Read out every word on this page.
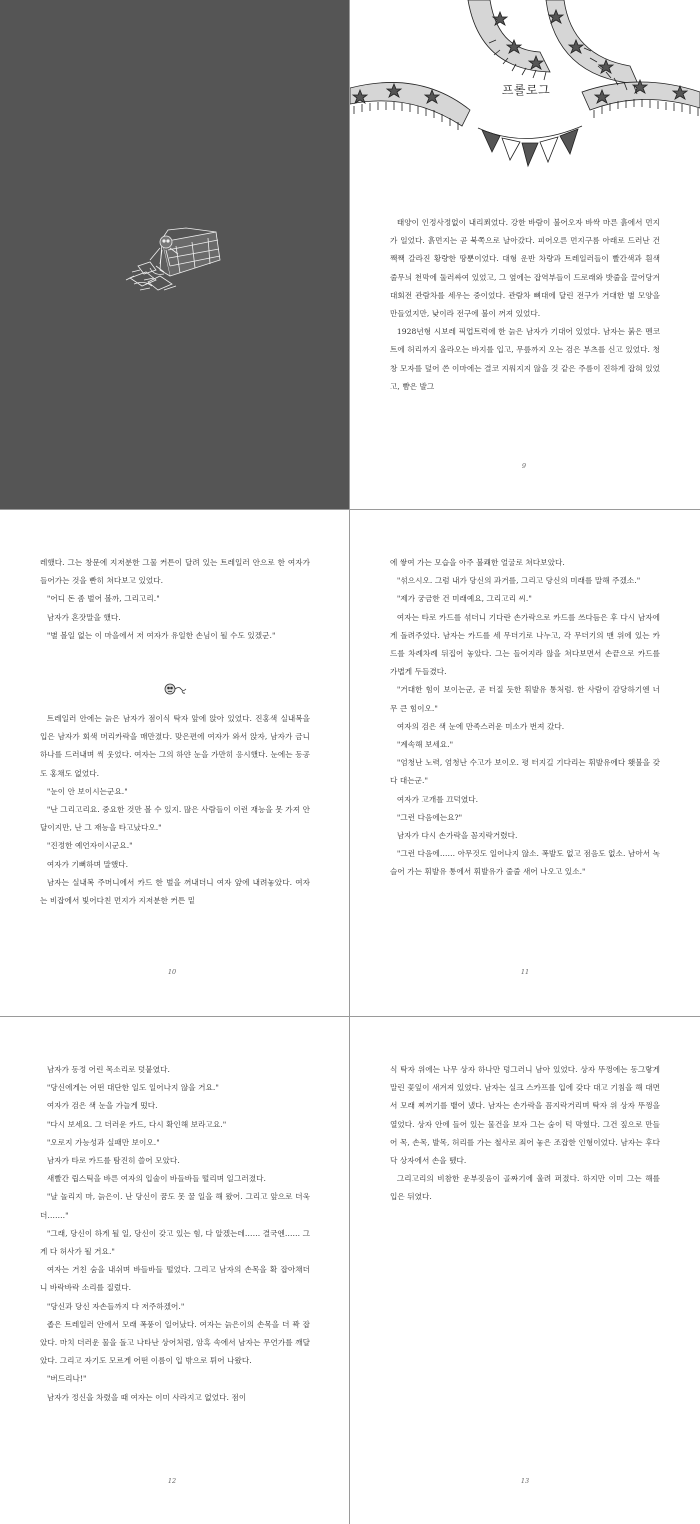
프롤로그

태양이 인정사정없이 내리쬐었다. 강한 바람이 불어오자 바싹 마른 흙에서 먼지가 일었다. 흙먼지는 곧 북쪽으로 날아갔다. 피어오른 먼지구름 아래로 드러난 건 짹짹 갈라진 황량한 땅뿐이었다. 대형 운반 차량과 트레일러들이 빨간색과 흰색 줄무늬 천막에 둘러싸여 있었고, 그 옆에는 잡역부들이 드로래와 밧줄을 끌어당겨 대회전 관람차를 세우는 중이었다. 관람차 뼈대에 달린 전구가 거대한 별 모양을 만들었지만, 낮이라 전구에 불이 꺼져 있었다.

1928년형 시보레 픽업트럭에 한 늙은 남자가 기대어 있었다. 남자는 붉은 멘코트에 허리까지 올라오는 바지를 입고, 무릎까지 오는 검은 부츠를 신고 있었다. 청창 모자를 덮어 쓴 이마에는 결코 지워지지 않을 것 같은 주름이 진하게 잡혀 있었고, 뺨은 발그

9

레했다. 그는 창문에 지저분한 그물 커튼이 달려 있는 트레일러 안으로 한 여자가 들어가는 것을 빤히 쳐다보고 있었다.

"어디 돈 좀 벌어 볼까, 그리고리."

남자가 혼잣말을 했다.

"별 볼일 없는 이 마을에서 저 여자가 유일한 손님이 될 수도 있겠군."

트레일러 안에는 늙은 남자가 점이식 탁자 앞에 앉아 있었다. 진홍색 실내복을 입은 남자가 회색 머리카락을 매만졌다. 맞은편에 여자가 와서 앉자, 남자가 금니 하나를 드러내며 씩 웃었다. 여자는 그의 하얀 눈을 가만히 응시했다. 눈에는 동공도 홍채도 없었다.

"눈이 안 보이시는군요."

"난 그리고리요. 중요한 것만 볼 수 있지. 많은 사람들이 이런 재능을 못 가져 안달이지만, 난 그 재능을 타고났다오."

"진정한 예언자이시군요."

여자가 기뻐하며 말했다.

남자는 실내복 주머니에서 카드 한 벌을 꺼내더니 여자 앞에 내려놓았다. 여자는 비잡에서 빛어다친 먼지가 지저분한 커튼 밑

10

에 쌓여 가는 모습을 아주 불쾌한 얼굴로 쳐다보았다.

"섞으시오. 그럼 내가 당신의 과거를, 그리고 당신의 미래를 말해 주겠소."

"제가 궁금한 건 미래예요, 그리고리 씨."

여자는 타로 카드를 섞더니 기다란 손가락으로 카드를 쓰다듬은 후 다시 남자에게 돌려주었다. 남자는 카드를 세 무더기로 나누고, 각 무더기의 맨 위에 있는 카드를 차례차례 뒤집어 놓았다. 그는 들어지라 않을 쳐다보면서 손끝으로 카드를 가볍게 두들겼다.

"거대한 힘이 보이는군, 곧 터질 듯한 휘발유 통처럼. 한 사람이 감당하기엔 너무 큰 힘이오."

여자의 검은 색 눈에 만족스러운 미소가 번져 갔다.

"계속해 보세요."

"엄청난 노력, 엄청난 수고가 보이오. 평 터지길 기다리는 휘발유에다 횃불을 갖다 대는군."

여자가 고개를 끄덕였다.

"그런 다음에는요?"

남자가 다시 손가락을 꼼지락거렸다.

"그런 다음에…… 아무것도 일어나지 않소. 폭발도 없고 점음도 없소. 남아서 녹슬어 가는 휘발유 통에서 휘발유가 줄줄 새어 나오고 있소."

11

남자가 동정 어린 목소리로 덧붙였다.

"당신에게는 어떤 대단한 일도 일어나지 않을 거요."

여자가 검은 색 눈을 가늘게 떴다.

"다시 보세요. 그 더러운 카드, 다시 확인해 보라고요."

"오로지 가능성과 실패만 보이오."

남자가 타로 카드를 탐진히 쓸어 모았다.

새빨간 립스틱을 바른 여자의 입술이 바들바들 떨리며 일그러졌다.

"날 놀리지 마, 늙은이. 난 당신이 꿈도 못 꿀 일을 해 왔어. 그리고 앞으로 더욱더……."

"그래, 당신이 하게 될 일, 당신이 갖고 있는 힘, 다 알겠는데…… 결국엔…… 그게 다 허사가 될 거요."

여자는 거친 숨을 내쉬며 바들바들 떨었다. 그리고 남자의 손목을 확 잡아채더니 바락바락 소리를 질렀다.

"당신과 당신 자손들까지 다 저주하겠어."

좁은 트레일러 안에서 모래 폭풍이 일어났다. 여자는 늙은이의 손목을 더 꽉 잡았다. 마치 더러운 물을 돌고 나타난 상어처럼, 암흑 속에서 남자는 무언가를 깨달았다. 그리고 자기도 모르게 어떤 이름이 입 밖으로 튀어 나왔다.

"버드리나!"

남자가 정신을 차렸을 때 여자는 이미 사라지고 없었다. 점이

12

식 탁자 위에는 나무 상자 하나만 덩그러니 남아 있었다. 상자 뚜껑에는 동그랗게 말린 꽃잎이 새겨져 있었다. 남자는 실크 스카프를 입에 갖다 대고 기침을 해 대면서 모래 찌꺼기를 뱉어 냈다. 남자는 손가락을 꼼지락거리며 탁자 위 상자 뚜껑을 열었다. 상자 안에 들어 있는 물건을 보자 그는 숨이 턱 막혔다. 그건 짚으로 만들어 목, 손목, 발목, 허리를 가는 철사로 죄어 놓은 조잡한 인형이었다. 남자는 후다닥 상자에서 손을 뗐다.

그리고리의 비참한 운부짖음이 골짜기에 울려 퍼졌다. 하지만 이미 그는 해를 입은 뒤였다.

13
